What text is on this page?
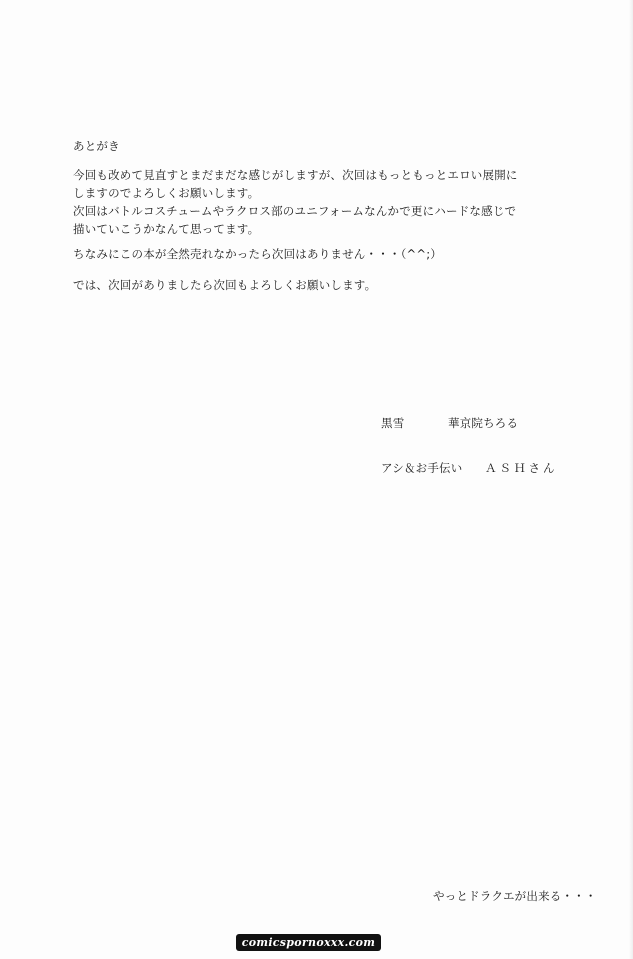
あとがき
今回も改めて見直すとまだまだな感じがしますが、次回はもっともっとエロい展開に
しますのでよろしくお願いします。
次回はバトルコスチュームやラクロス部のユニフォームなんかで更にハードな感じで
描いていこうかなんて思ってます。
ちなみにこの本が全然売れなかったら次回はありません・・・（^^;）
では、次回がありましたら次回もよろしくお願いします。
黒雪	華京院ちろる
アシ＆お手伝い ＡＳＨさん
やっとドラクエが出来る・・・
comicspornoxxx.com
